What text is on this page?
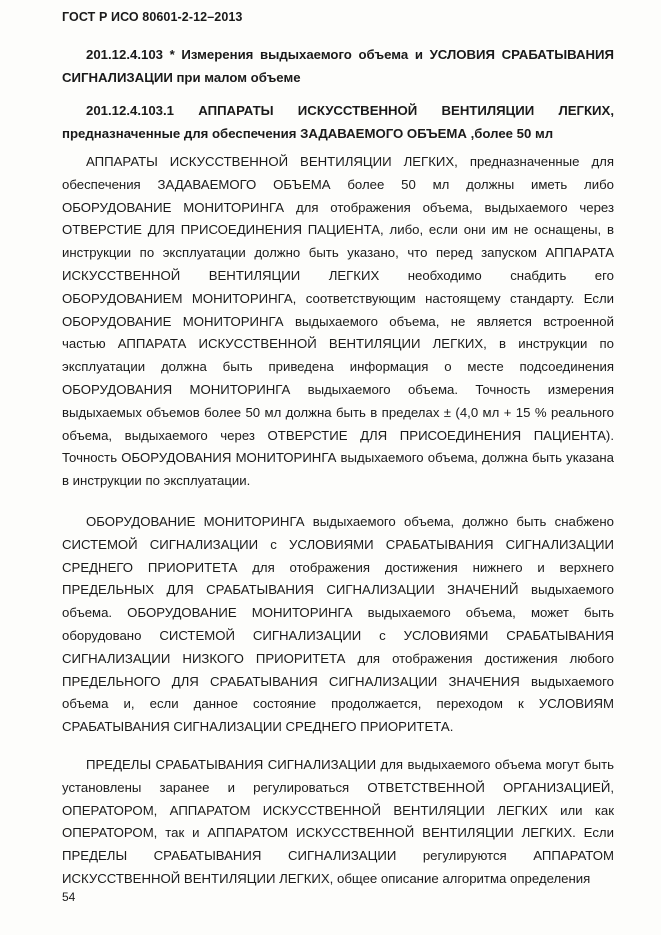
ГОСТ Р ИСО 80601-2-12–2013
201.12.4.103 * Измерения выдыхаемого объема и УСЛОВИЯ СРАБАТЫВАНИЯ СИГНАЛИЗАЦИИ при малом объеме
201.12.4.103.1 АППАРАТЫ ИСКУССТВЕННОЙ ВЕНТИЛЯЦИИ ЛЕГКИХ, предназначенные для обеспечения ЗАДАВАЕМОГО ОБЪЕМА ,более 50 мл
АППАРАТЫ ИСКУССТВЕННОЙ ВЕНТИЛЯЦИИ ЛЕГКИХ, предназначенные для обеспечения ЗАДАВАЕМОГО ОБЪЕМА более 50 мл должны иметь либо ОБОРУДОВАНИЕ МОНИТОРИНГА для отображения объема, выдыхаемого через ОТВЕРСТИЕ ДЛЯ ПРИСОЕДИНЕНИЯ ПАЦИЕНТА, либо, если они им не оснащены, в инструкции по эксплуатации должно быть указано, что перед запуском АППАРАТА ИСКУССТВЕННОЙ ВЕНТИЛЯЦИИ ЛЕГКИХ необходимо снабдить его ОБОРУДОВАНИЕМ МОНИТОРИНГА, соответствующим настоящему стандарту. Если ОБОРУДОВАНИЕ МОНИТОРИНГА выдыхаемого объема, не является встроенной частью АППАРАТА ИСКУССТВЕННОЙ ВЕНТИЛЯЦИИ ЛЕГКИХ, в инструкции по эксплуатации должна быть приведена информация о месте подсоединения ОБОРУДОВАНИЯ МОНИТОРИНГА выдыхаемого объема. Точность измерения выдыхаемых объемов более 50 мл должна быть в пределах ± (4,0 мл + 15 % реального объема, выдыхаемого через ОТВЕРСТИЕ ДЛЯ ПРИСОЕДИНЕНИЯ ПАЦИЕНТА). Точность ОБОРУДОВАНИЯ МОНИТОРИНГА выдыхаемого объема, должна быть указана в инструкции по эксплуатации.
ОБОРУДОВАНИЕ МОНИТОРИНГА выдыхаемого объема, должно быть снабжено СИСТЕМОЙ СИГНАЛИЗАЦИИ с УСЛОВИЯМИ СРАБАТЫВАНИЯ СИГНАЛИЗАЦИИ СРЕДНЕГО ПРИОРИТЕТА для отображения достижения нижнего и верхнего ПРЕДЕЛЬНЫХ ДЛЯ СРАБАТЫВАНИЯ СИГНАЛИЗАЦИИ ЗНАЧЕНИЙ выдыхаемого объема. ОБОРУДОВАНИЕ МОНИТОРИНГА выдыхаемого объема, может быть оборудовано СИСТЕМОЙ СИГНАЛИЗАЦИИ с УСЛОВИЯМИ СРАБАТЫВАНИЯ СИГНАЛИЗАЦИИ НИЗКОГО ПРИОРИТЕТА для отображения достижения любого ПРЕДЕЛЬНОГО ДЛЯ СРАБАТЫВАНИЯ СИГНАЛИЗАЦИИ ЗНАЧЕНИЯ выдыхаемого объема и, если данное состояние продолжается, переходом к УСЛОВИЯМ СРАБАТЫВАНИЯ СИГНАЛИЗАЦИИ СРЕДНЕГО ПРИОРИТЕТА.
ПРЕДЕЛЫ СРАБАТЫВАНИЯ СИГНАЛИЗАЦИИ для выдыхаемого объема могут быть установлены заранее и регулироваться ОТВЕТСТВЕННОЙ ОРГАНИЗАЦИЕЙ, ОПЕРАТОРОМ, АППАРАТОМ ИСКУССТВЕННОЙ ВЕНТИЛЯЦИИ ЛЕГКИХ или как ОПЕРАТОРОМ, так и АППАРАТОМ ИСКУССТВЕННОЙ ВЕНТИЛЯЦИИ ЛЕГКИХ. Если ПРЕДЕЛЫ СРАБАТЫВАНИЯ СИГНАЛИЗАЦИИ регулируются АППАРАТОМ ИСКУССТВЕННОЙ ВЕНТИЛЯЦИИ ЛЕГКИХ, общее описание алгоритма определения
54
